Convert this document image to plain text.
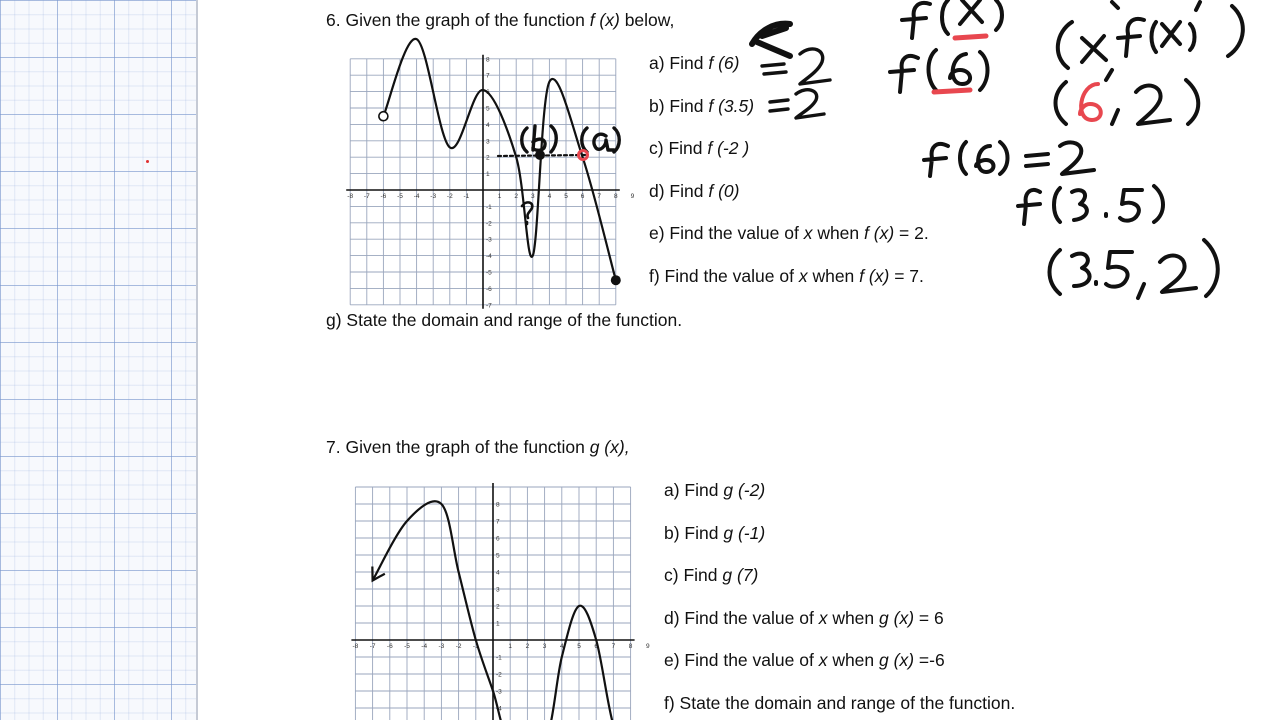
6. Given the graph of the function f (x) below,
-8 -7 -6 -5 -4 -3 -2 -1	1 2 3 4 5 6 7 8 9
8
7
6
5
4
3
2
1
-1
-2
-3
-4
-5
-6
-7
a) Find f (6)
b) Find f (3.5)
c) Find f (-2 )
d) Find f (0)
e) Find the value of x when f (x) = 2.
f) Find the value of x when f (x) = 7.
g) State the domain and range of the function.
7. Given the graph of the function g (x),
-8 -7 -6 -5 -4 -3 -2 -1	1 2 3 4 5 6 7 8 9
8
7
6
5
4
3
2
1
-1
-2
-3
-4
a) Find g (-2)
b) Find g (-1)
c) Find g (7)
d) Find the value of x when g (x) = 6
e) Find the value of x when g (x) =-6
f) State the domain and range of the function.
